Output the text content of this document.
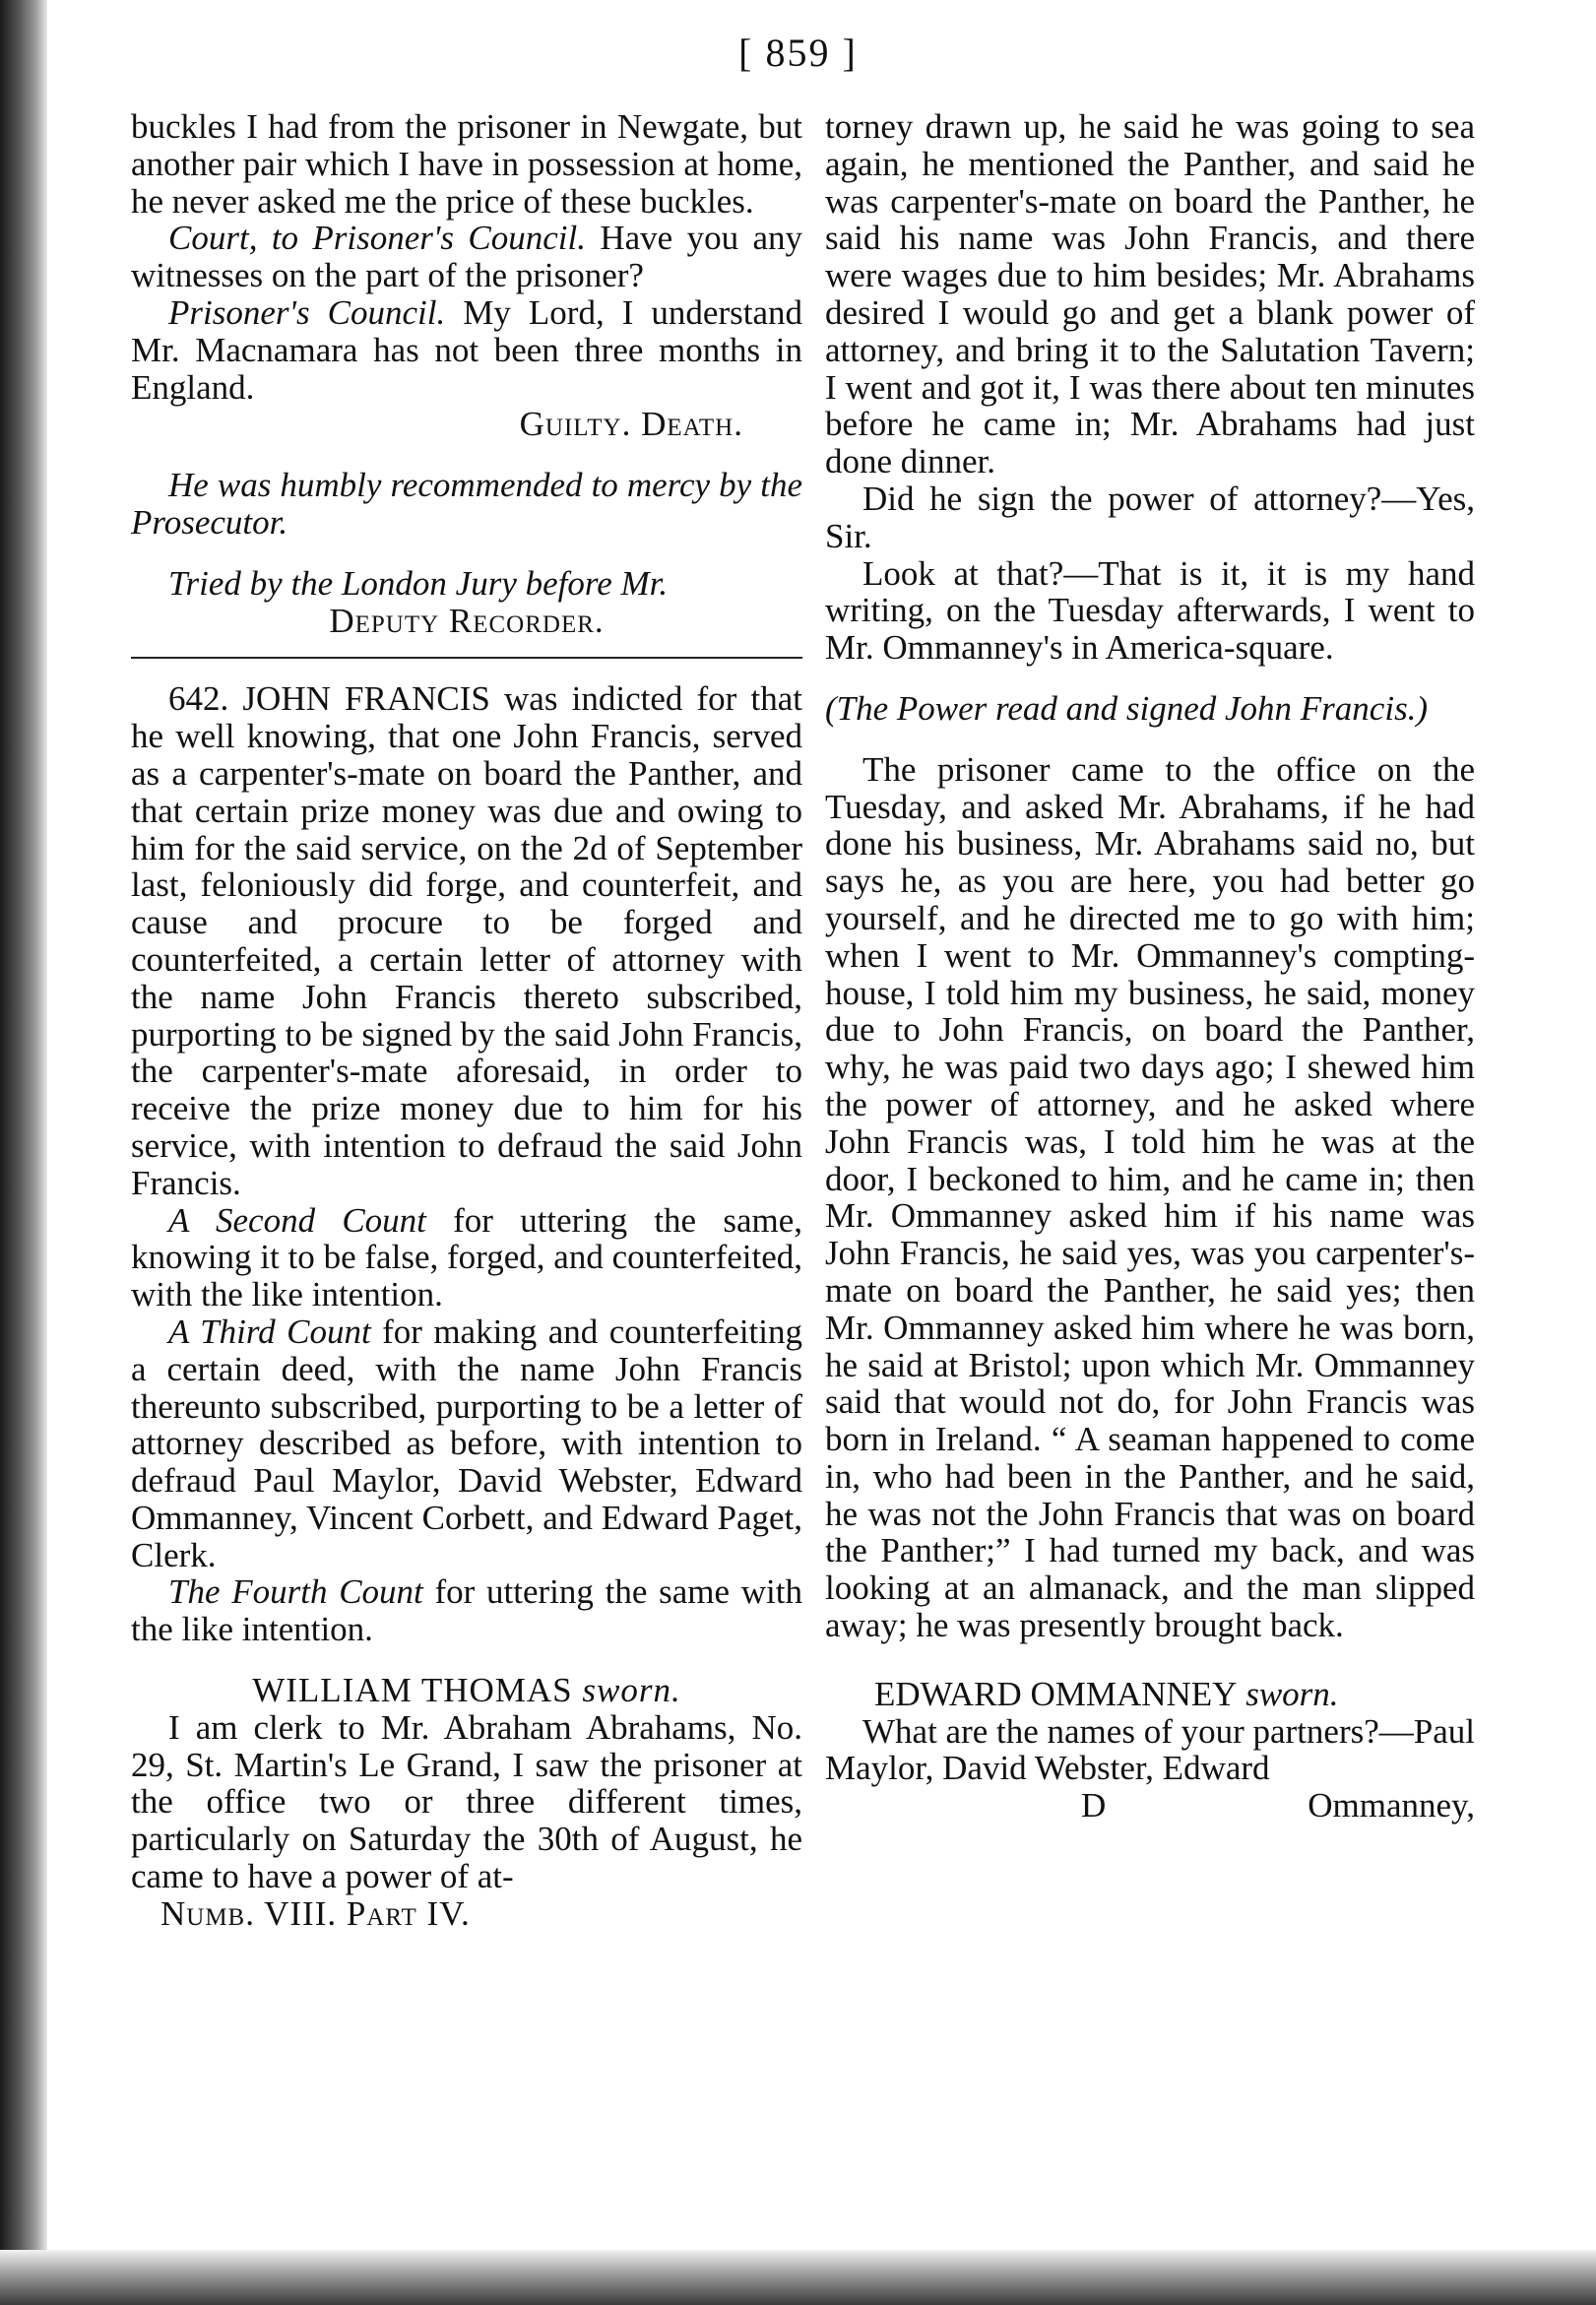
[ 859 ]

buckles I had from the prisoner in Newgate, but another pair which I have in possession at home, he never asked me the price of these buckles.

Court, to Prisoner's Council. Have you any witnesses on the part of the prisoner?

Prisoner's Council. My Lord, I understand Mr. Macnamara has not been three months in England.

Guilty. Death.

He was humbly recommended to mercy by the Prosecutor.

Tried by the London Jury before Mr.

Deputy Recorder.

642. JOHN FRANCIS was indicted for that he well knowing, that one John Francis, served as a carpenter's-mate on board the Panther, and that certain prize money was due and owing to him for the said service, on the 2d of September last, feloniously did forge, and counterfeit, and cause and procure to be forged and counterfeited, a certain letter of attorney with the name John Francis thereto subscribed, purporting to be signed by the said John Francis, the carpenter's-mate aforesaid, in order to receive the prize money due to him for his service, with intention to defraud the said John Francis.

A Second Count for uttering the same, knowing it to be false, forged, and counterfeited, with the like intention.

A Third Count for making and counterfeiting a certain deed, with the name John Francis thereunto subscribed, purporting to be a letter of attorney described as before, with intention to defraud Paul Maylor, David Webster, Edward Ommanney, Vincent Corbett, and Edward Paget, Clerk.

The Fourth Count for uttering the same with the like intention.

WILLIAM THOMAS sworn.

I am clerk to Mr. Abraham Abrahams, No. 29, St. Martin's Le Grand, I saw the prisoner at the office two or three different times, particularly on Saturday the 30th of August, he came to have a power of at-

Numb. VIII. Part IV.

torney drawn up, he said he was going to sea again, he mentioned the Panther, and said he was carpenter's-mate on board the Panther, he said his name was John Francis, and there were wages due to him besides; Mr. Abrahams desired I would go and get a blank power of attorney, and bring it to the Salutation Tavern; I went and got it, I was there about ten minutes before he came in; Mr. Abrahams had just done dinner.

Did he sign the power of attorney?—Yes, Sir.

Look at that?—That is it, it is my hand writing, on the Tuesday afterwards, I went to Mr. Ommanney's in America-square.

(The Power read and signed John Francis.)

The prisoner came to the office on the Tuesday, and asked Mr. Abrahams, if he had done his business, Mr. Abrahams said no, but says he, as you are here, you had better go yourself, and he directed me to go with him; when I went to Mr. Ommanney's compting-house, I told him my business, he said, money due to John Francis, on board the Panther, why, he was paid two days ago; I shewed him the power of attorney, and he asked where John Francis was, I told him he was at the door, I beckoned to him, and he came in; then Mr. Ommanney asked him if his name was John Francis, he said yes, was you carpenter's-mate on board the Panther, he said yes; then Mr. Ommanney asked him where he was born, he said at Bristol; upon which Mr. Ommanney said that would not do, for John Francis was born in Ireland. “ A seaman happened to come in, who had been in the Panther, and he said, he was not the John Francis that was on board the Panther;” I had turned my back, and was looking at an almanack, and the man slipped away; he was presently brought back.

EDWARD OMMANNEY sworn.

What are the names of your partners?—Paul Maylor, David Webster, Edward

D	Ommanney,
